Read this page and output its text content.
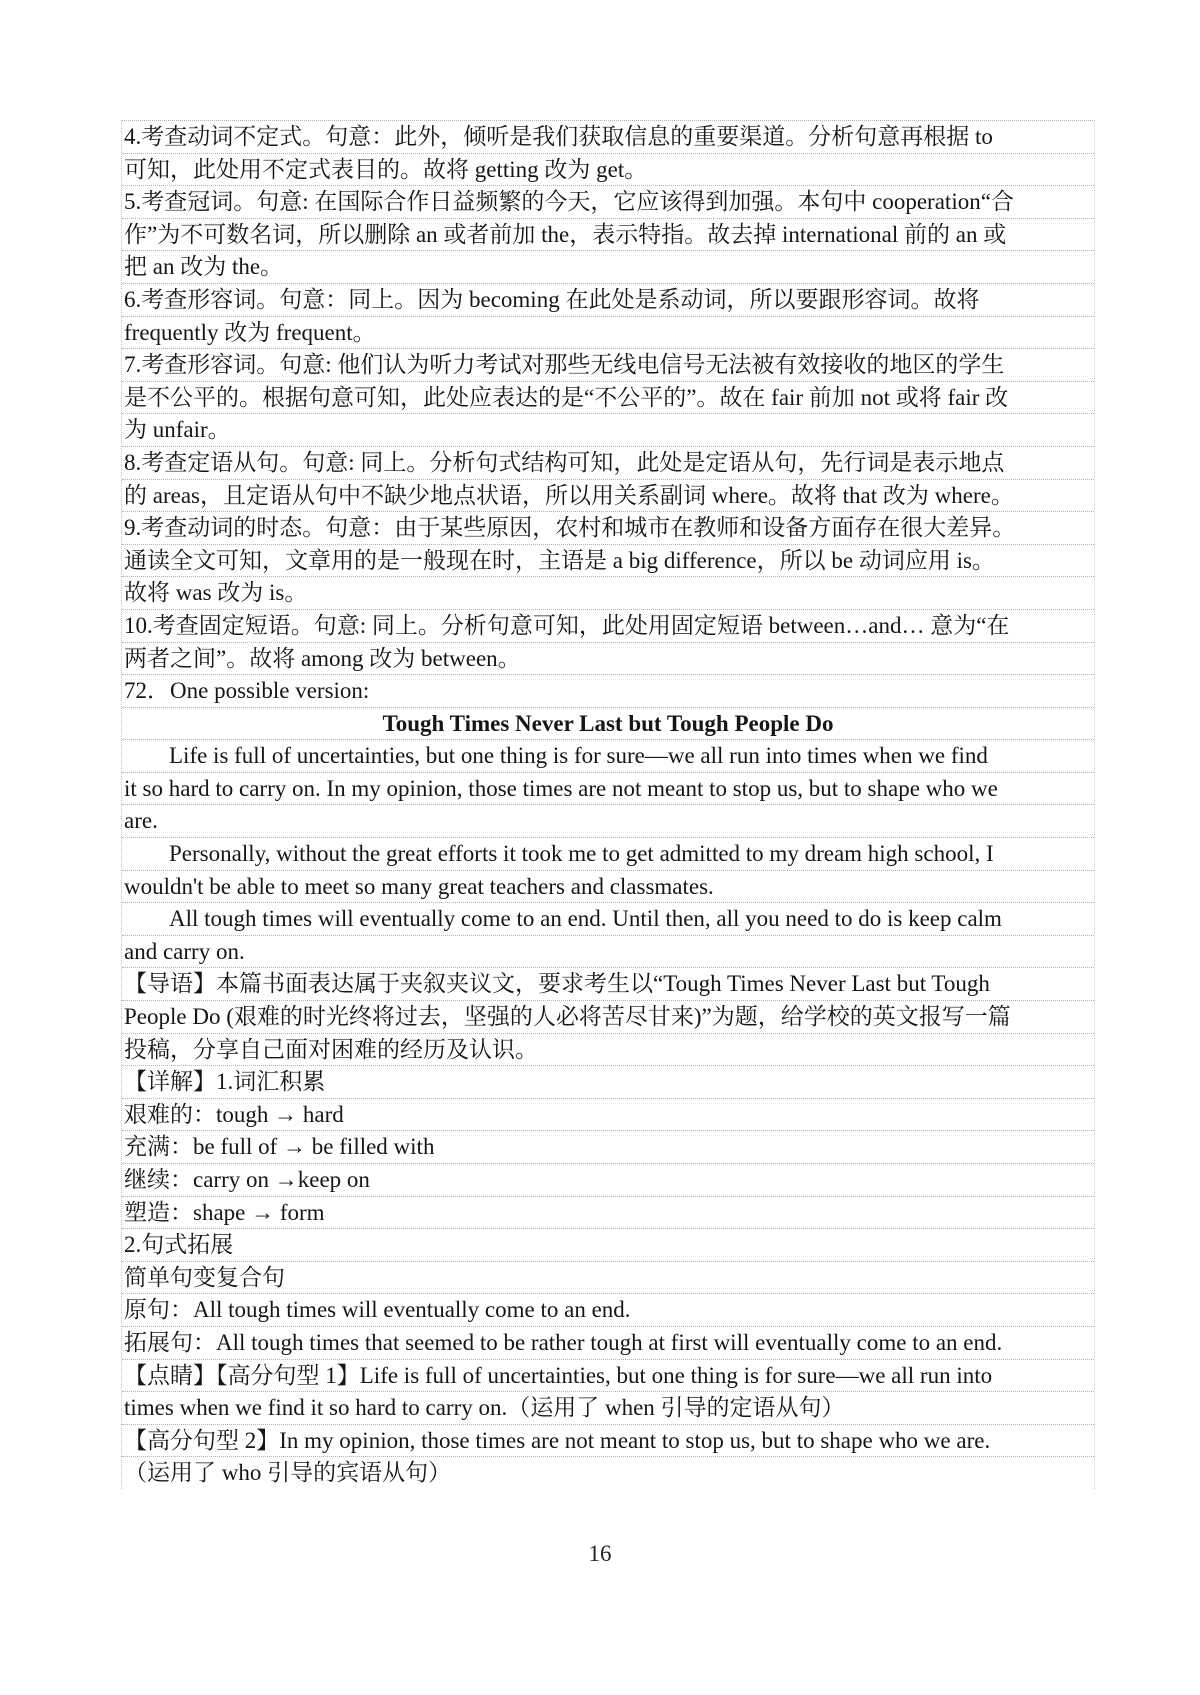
4.考查动词不定式。句意：此外，倾听是我们获取信息的重要渠道。分析句意再根据 to
可知，此处用不定式表目的。故将 getting 改为 get。
5.考查冠词。句意: 在国际合作日益频繁的今天，它应该得到加强。本句中 cooperation“合
作”为不可数名词，所以删除 an 或者前加 the，表示特指。故去掉 international 前的 an 或
把 an 改为 the。
6.考查形容词。句意：同上。因为 becoming 在此处是系动词，所以要跟形容词。故将
frequently 改为 frequent。
7.考查形容词。句意: 他们认为听力考试对那些无线电信号无法被有效接收的地区的学生
是不公平的。根据句意可知，此处应表达的是“不公平的”。故在 fair 前加 not 或将 fair 改
为 unfair。
8.考查定语从句。句意: 同上。分析句式结构可知，此处是定语从句，先行词是表示地点
的 areas，且定语从句中不缺少地点状语，所以用关系副词 where。故将 that 改为 where。
9.考查动词的时态。句意：由于某些原因，农村和城市在教师和设备方面存在很大差异。
通读全文可知，文章用的是一般现在时，主语是 a big difference，所以 be 动词应用 is。
故将 was 改为 is。
10.考查固定短语。句意: 同上。分析句意可知，此处用固定短语 between…and… 意为“在
两者之间”。故将 among 改为 between。
72．One possible version:
Tough Times Never Last but Tough People Do
Life is full of uncertainties, but one thing is for sure—we all run into times when we find
it so hard to carry on. In my opinion, those times are not meant to stop us, but to shape who we
are.
Personally, without the great efforts it took me to get admitted to my dream high school, I
wouldn't be able to meet so many great teachers and classmates.
All tough times will eventually come to an end. Until then, all you need to do is keep calm
and carry on.
【导语】本篇书面表达属于夹叙夹议文，要求考生以“Tough Times Never Last but Tough
People Do (艰难的时光终将过去，坚强的人必将苦尽甘来)”为题，给学校的英文报写一篇
投稿，分享自己面对困难的经历及认识。
【详解】1.词汇积累
艰难的：tough → hard
充满：be full of → be filled with
继续：carry on →keep on
塑造：shape → form
2.句式拓展
简单句变复合句
原句：All tough times will eventually come to an end.
拓展句：All tough times that seemed to be rather tough at first will eventually come to an end.
【点睛】【高分句型 1】Life is full of uncertainties, but one thing is for sure—we all run into
times when we find it so hard to carry on.（运用了 when 引导的定语从句）
【高分句型 2】In my opinion, those times are not meant to stop us, but to shape who we are.
（运用了 who 引导的宾语从句）
16
